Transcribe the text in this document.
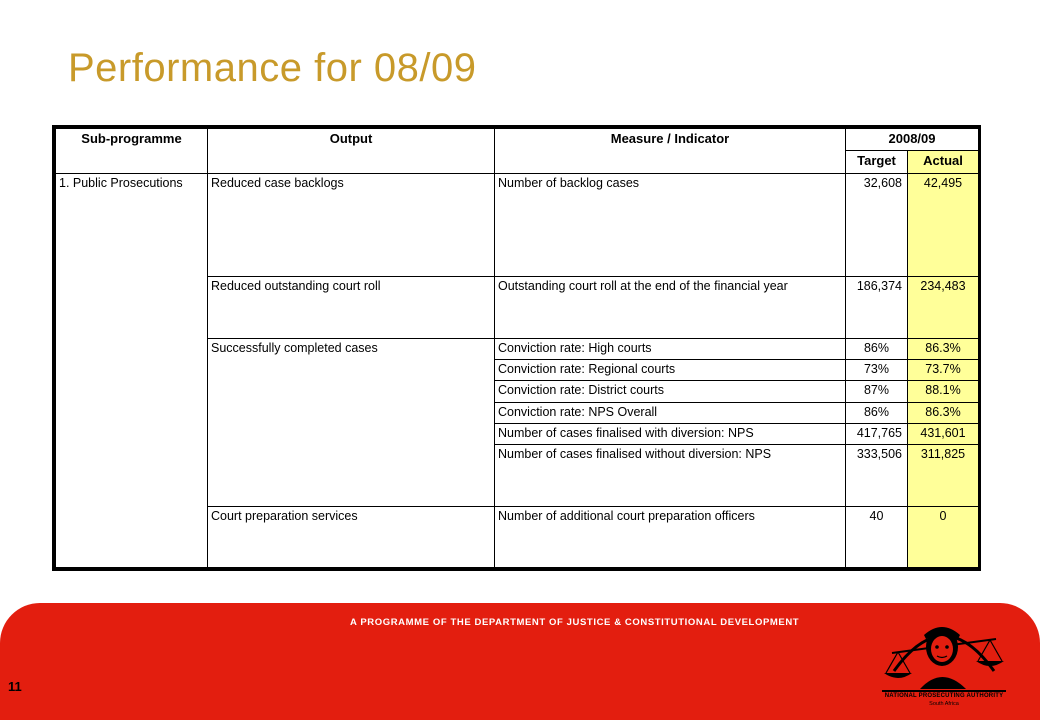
Performance for 08/09
Sub-programme	Output	Measure / Indicator	2008/09	
			Target	Actual
1. Public Prosecutions	Reduced case backlogs	Number of backlog cases	32,608	42,495
	Reduced outstanding court roll	Outstanding court roll at the end of the financial year	186,374	234,483
	Successfully completed cases	Conviction rate: High courts	86%	86.3%
		Conviction rate: Regional courts	73%	73.7%
		Conviction rate: District courts	87%	88.1%
		Conviction rate: NPS Overall	86%	86.3%
		Number of cases finalised with diversion: NPS	417,765	431,601
		Number of cases finalised without diversion: NPS	333,506	311,825
	Court preparation services	Number of additional court preparation officers	40	0
A PROGRAMME OF THE DEPARTMENT OF JUSTICE & CONSTITUTIONAL DEVELOPMENT
11
NATIONAL PROSECUTING AUTHORITY
South Africa
